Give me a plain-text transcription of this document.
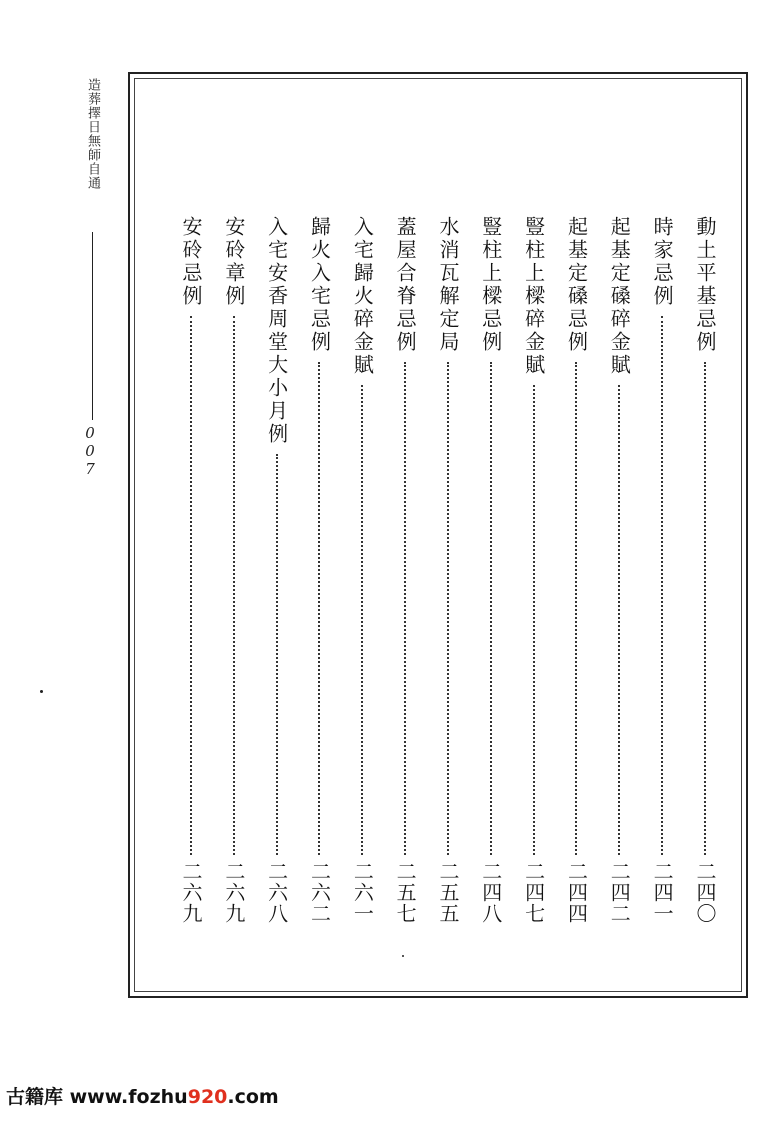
造葬擇日無師自通
007
動土平基忌例
二四〇
時家忌例
二四一
起基定磉碎金賦
二四二
起基定磉忌例
二四四
豎柱上樑碎金賦
二四七
豎柱上樑忌例
二四八
水消瓦解定局
二五五
蓋屋合脊忌例
二五七
入宅歸火碎金賦
二六一
歸火入宅忌例
二六二
入宅安香周堂大小月例
二六八
安砱章例
二六九
安砱忌例
二六九
古籍库 www.fozhu920.com
